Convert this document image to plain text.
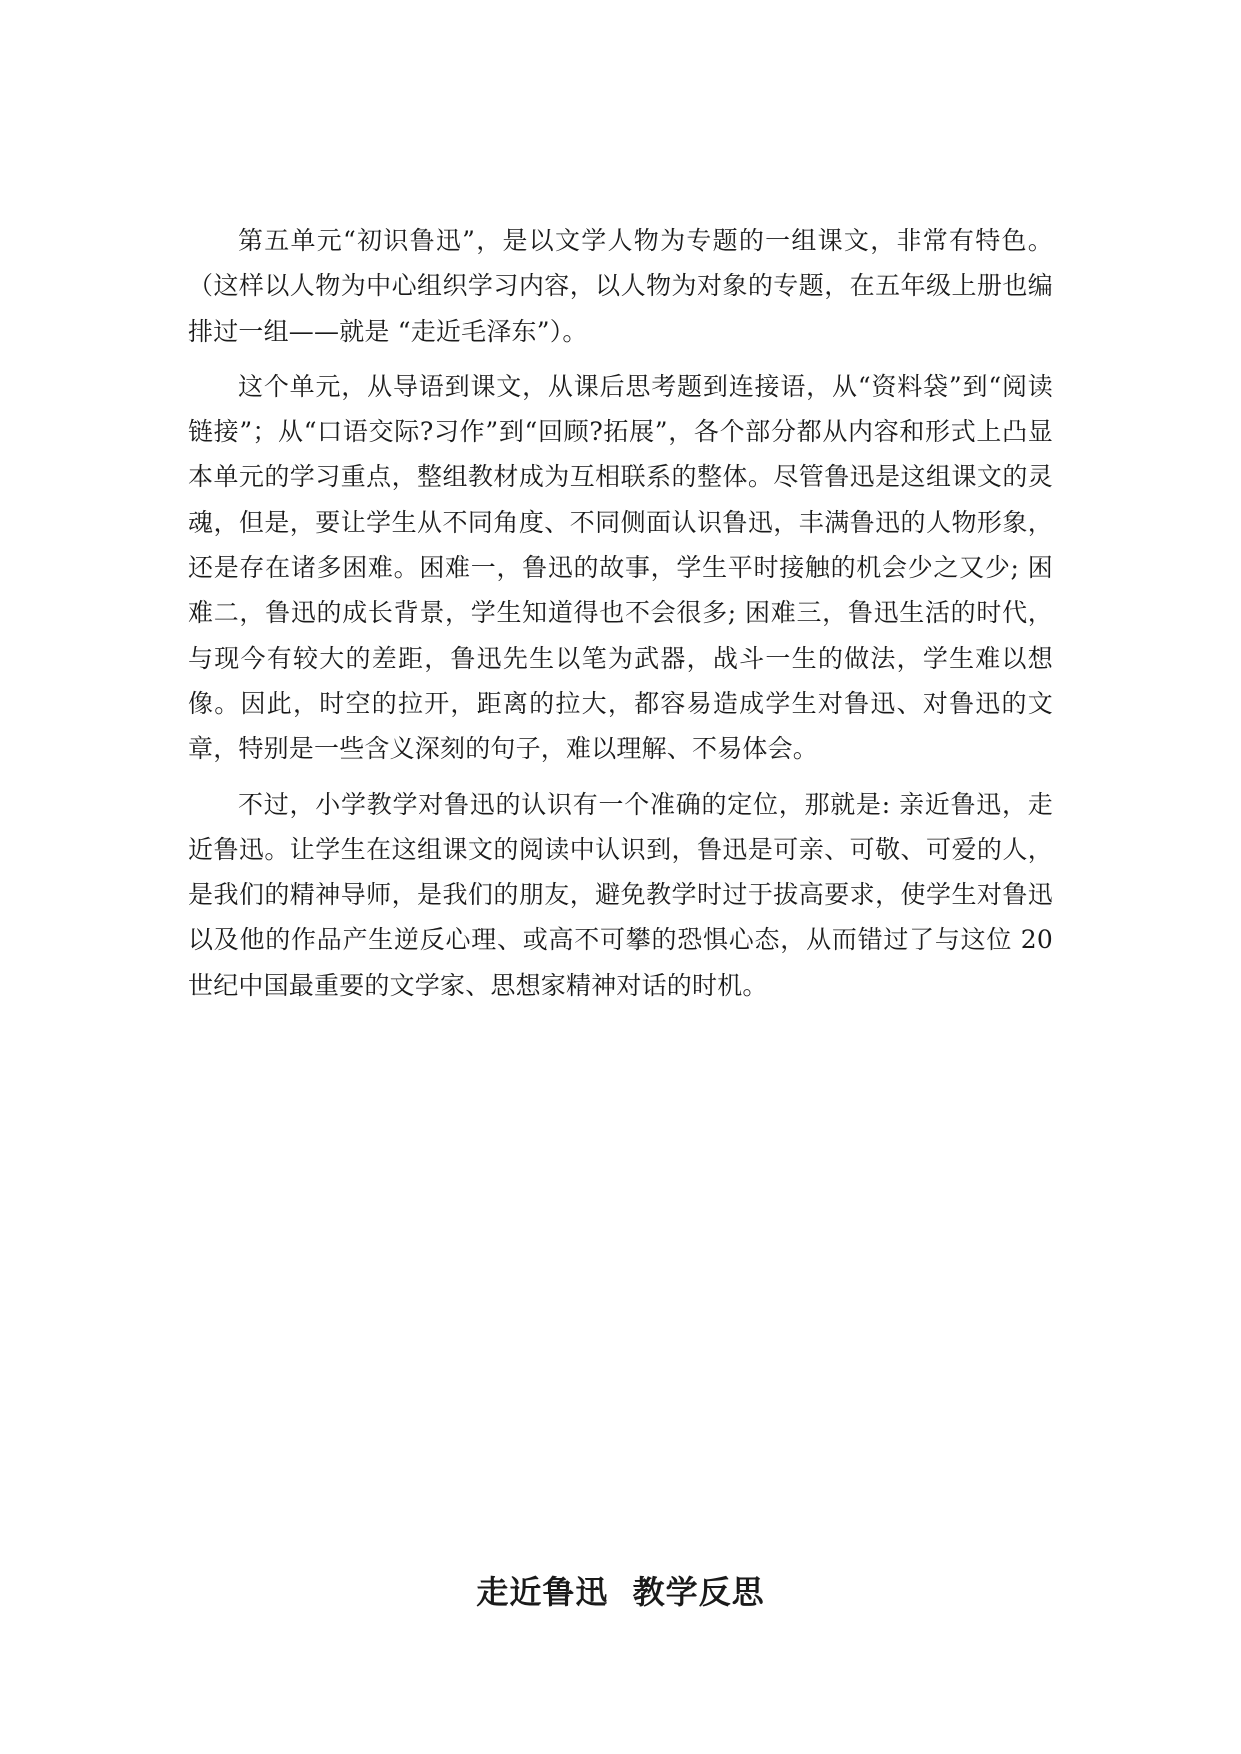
第五单元“初识鲁迅”，是以文学人物为专题的一组课文，非常有特色。（这样以人物为中心组织学习内容，以人物为对象的专题，在五年级上册也编排过一组——就是 “走近毛泽东”）。

这个单元，从导语到课文，从课后思考题到连接语，从“资料袋”到“阅读链接”；从“口语交际?习作”到“回顾?拓展”，各个部分都从内容和形式上凸显本单元的学习重点，整组教材成为互相联系的整体。尽管鲁迅是这组课文的灵魂，但是，要让学生从不同角度、不同侧面认识鲁迅，丰满鲁迅的人物形象，还是存在诸多困难。困难一，鲁迅的故事，学生平时接触的机会少之又少; 困难二，鲁迅的成长背景，学生知道得也不会很多; 困难三，鲁迅生活的时代，与现今有较大的差距，鲁迅先生以笔为武器，战斗一生的做法，学生难以想像。因此，时空的拉开，距离的拉大，都容易造成学生对鲁迅、对鲁迅的文章，特别是一些含义深刻的句子，难以理解、不易体会。

不过，小学教学对鲁迅的认识有一个准确的定位，那就是: 亲近鲁迅，走近鲁迅。让学生在这组课文的阅读中认识到，鲁迅是可亲、可敬、可爱的人，是我们的精神导师，是我们的朋友，避免教学时过于拔高要求，使学生对鲁迅以及他的作品产生逆反心理、或高不可攀的恐惧心态，从而错过了与这位 20 世纪中国最重要的文学家、思想家精神对话的时机。

走近鲁迅  教学反思
